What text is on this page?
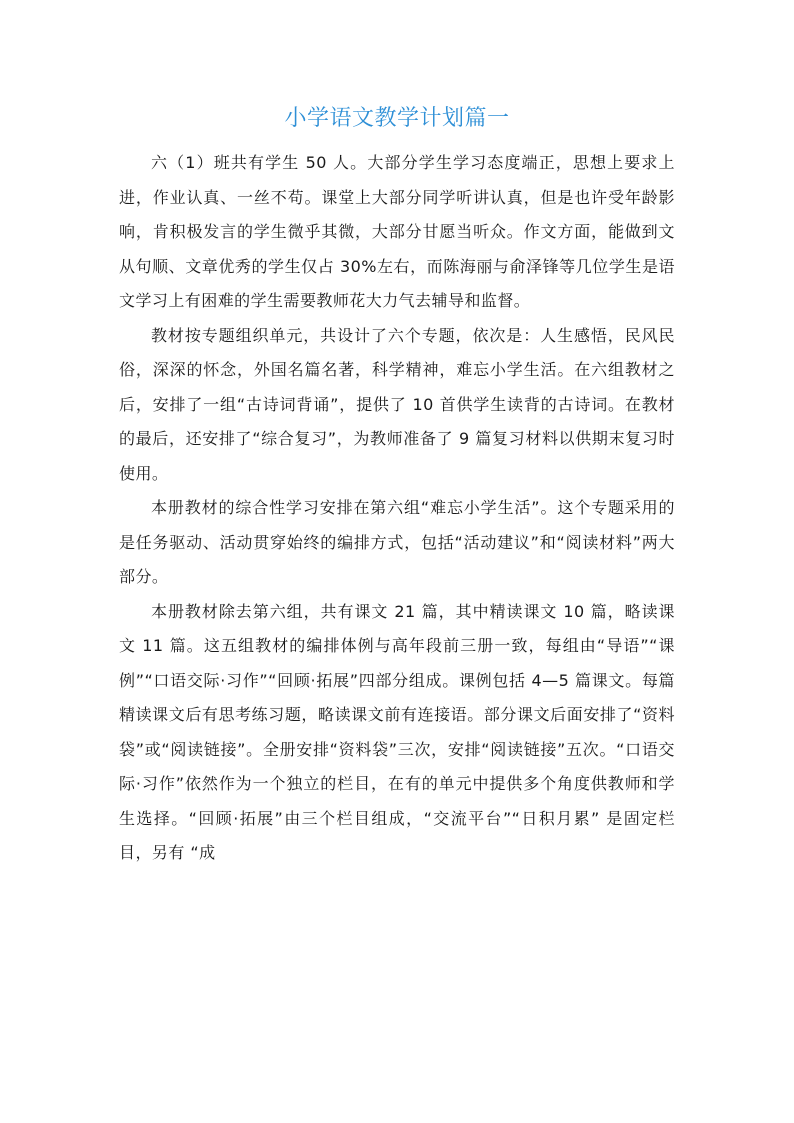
小学语文教学计划篇一

六（1）班共有学生 50 人。大部分学生学习态度端正，思想上要求上进，作业认真、一丝不苟。课堂上大部分同学听讲认真，但是也许受年龄影响，肯积极发言的学生微乎其微，大部分甘愿当听众。作文方面，能做到文从句顺、文章优秀的学生仅占 30%左右，而陈海丽与俞泽锋等几位学生是语文学习上有困难的学生需要教师花大力气去辅导和监督。

教材按专题组织单元，共设计了六个专题，依次是：人生感悟，民风民俗，深深的怀念，外国名篇名著，科学精神，难忘小学生活。在六组教材之后，安排了一组“古诗词背诵”，提供了 10 首供学生读背的古诗词。在教材的最后，还安排了“综合复习”，为教师准备了 9 篇复习材料以供期末复习时使用。

本册教材的综合性学习安排在第六组“难忘小学生活”。这个专题采用的是任务驱动、活动贯穿始终的编排方式，包括“活动建议”和“阅读材料”两大部分。

本册教材除去第六组，共有课文 21 篇，其中精读课文 10 篇，略读课文 11 篇。这五组教材的编排体例与高年段前三册一致，每组由“导语”“课例”“口语交际·习作”“回顾·拓展”四部分组成。课例包括 4—5 篇课文。每篇精读课文后有思考练习题，略读课文前有连接语。部分课文后面安排了“资料袋”或“阅读链接”。全册安排“资料袋”三次，安排“阅读链接”五次。“口语交际·习作”依然作为一个独立的栏目，在有的单元中提供多个角度供教师和学生选择。“回顾·拓展”由三个栏目组成，“交流平台”“日积月累” 是固定栏目，另有 “成
